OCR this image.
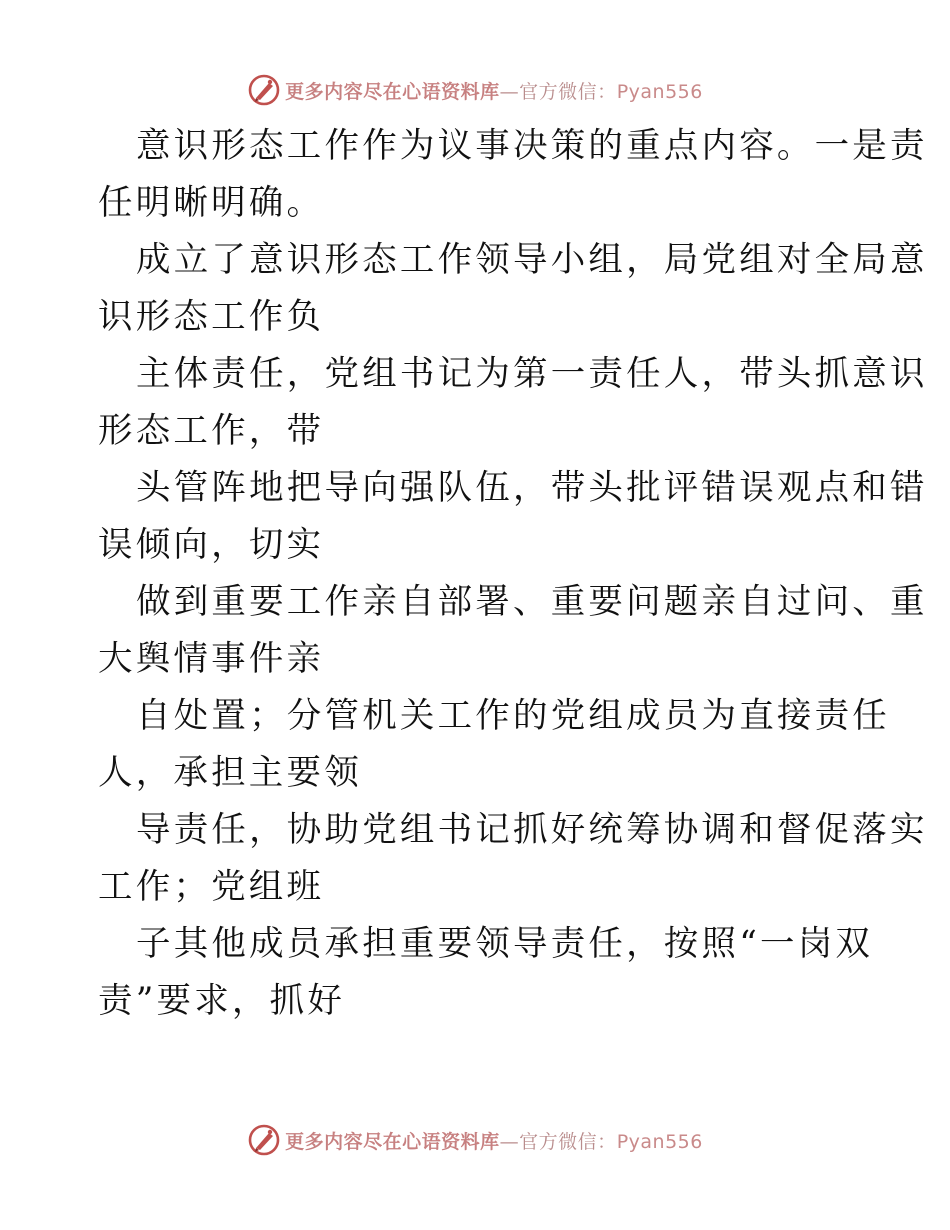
更多内容尽在心语资料库—官方微信：Pyan556

意识形态工作作为议事决策的重点内容。一是责
任明晰明确。

成立了意识形态工作领导小组，局党组对全局意
识形态工作负

主体责任，党组书记为第一责任人，带头抓意识
形态工作，带

头管阵地把导向强队伍，带头批评错误观点和错
误倾向，切实

做到重要工作亲自部署、重要问题亲自过问、重
大舆情事件亲

自处置；分管机关工作的党组成员为直接责任
人，承担主要领

导责任，协助党组书记抓好统筹协调和督促落实
工作；党组班

子其他成员承担重要领导责任，按照“一岗双
责”要求，抓好

更多内容尽在心语资料库—官方微信：Pyan556
